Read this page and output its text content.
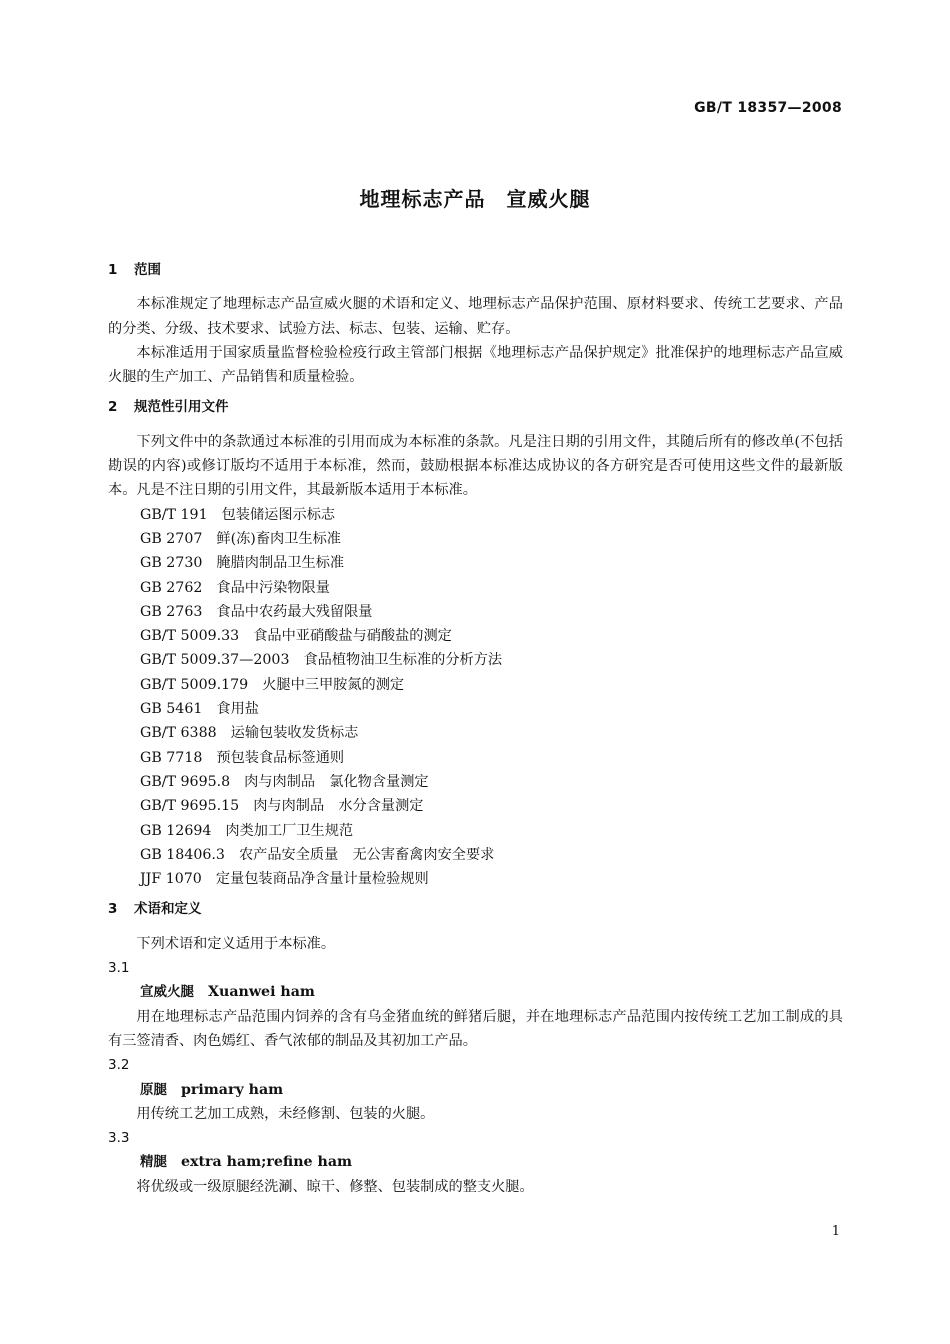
GB/T 18357—2008
地理标志产品　宣威火腿
1 范围

本标准规定了地理标志产品宣威火腿的术语和定义、地理标志产品保护范围、原材料要求、传统工艺要求、产品的分类、分级、技术要求、试验方法、标志、包装、运输、贮存。

本标准适用于国家质量监督检验检疫行政主管部门根据《地理标志产品保护规定》批准保护的地理标志产品宣威火腿的生产加工、产品销售和质量检验。

2 规范性引用文件

下列文件中的条款通过本标准的引用而成为本标准的条款。凡是注日期的引用文件，其随后所有的修改单(不包括勘误的内容)或修订版均不适用于本标准，然而，鼓励根据本标准达成协议的各方研究是否可使用这些文件的最新版本。凡是不注日期的引用文件，其最新版本适用于本标准。

GB/T 191 包装储运图示标志
GB 2707 鲜(冻)畜肉卫生标准
GB 2730 腌腊肉制品卫生标准
GB 2762 食品中污染物限量
GB 2763 食品中农药最大残留限量
GB/T 5009.33 食品中亚硝酸盐与硝酸盐的测定
GB/T 5009.37—2003 食品植物油卫生标准的分析方法
GB/T 5009.179 火腿中三甲胺氮的测定
GB 5461 食用盐
GB/T 6388 运输包装收发货标志
GB 7718 预包装食品标签通则
GB/T 9695.8 肉与肉制品　氯化物含量测定
GB/T 9695.15 肉与肉制品　水分含量测定
GB 12694 肉类加工厂卫生规范
GB 18406.3 农产品安全质量　无公害畜禽肉安全要求
JJF 1070 定量包装商品净含量计量检验规则
3 术语和定义

下列术语和定义适用于本标准。

3.1
宣威火腿 Xuanwei ham

用在地理标志产品范围内饲养的含有乌金猪血统的鲜猪后腿，并在地理标志产品范围内按传统工艺加工制成的具有三签清香、肉色嫣红、香气浓郁的制品及其初加工产品。

3.2
原腿 primary ham

用传统工艺加工成熟，未经修割、包装的火腿。

3.3
精腿 extra ham;refine ham

将优级或一级原腿经洗涮、晾干、修整、包装制成的整支火腿。

1
